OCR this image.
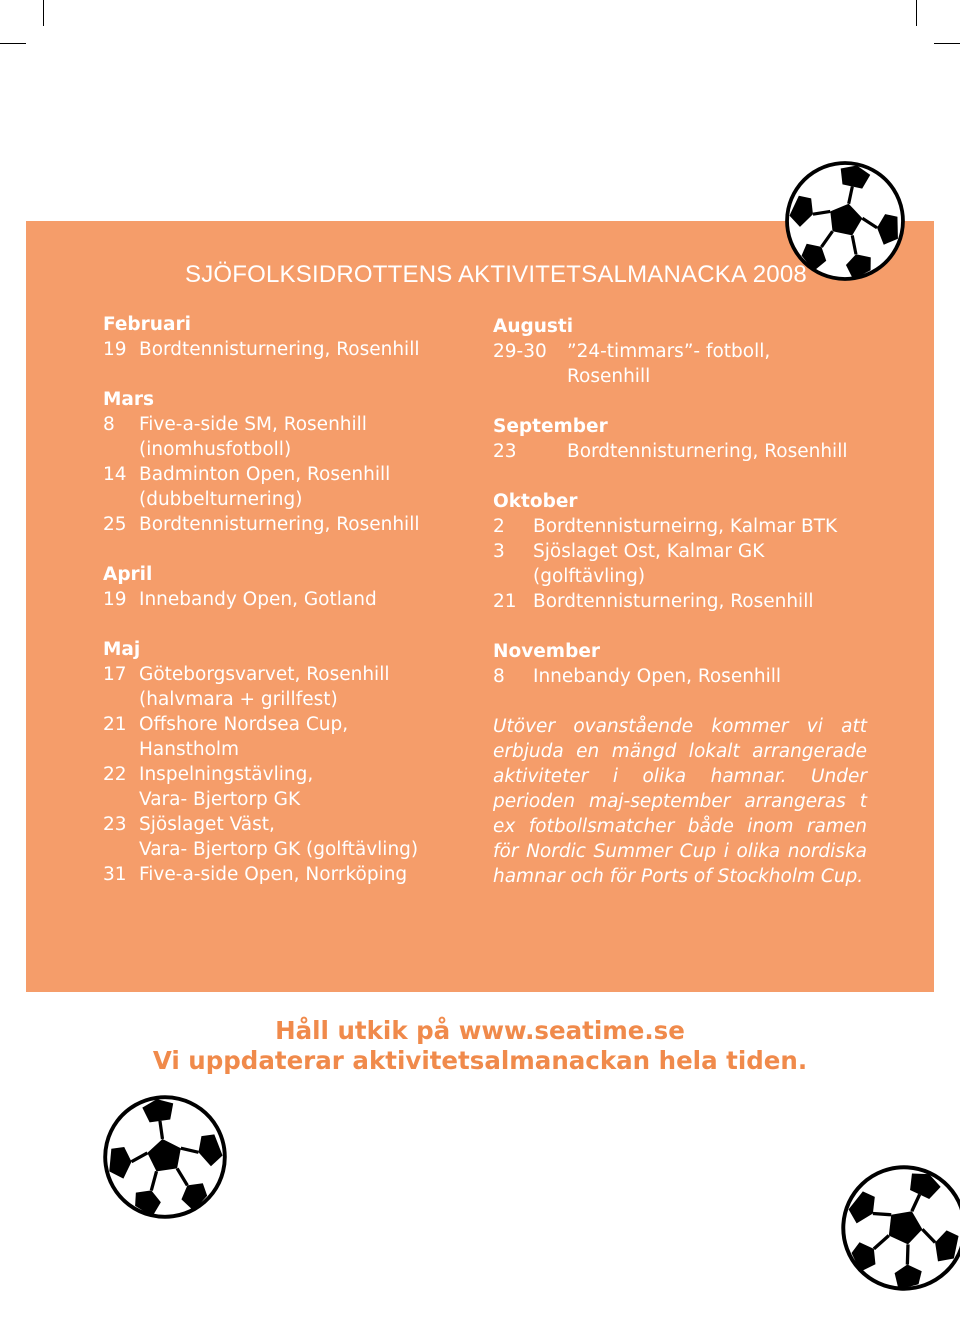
SJÖFOLKSIDROTTENS AKTIVITETSALMANACKA 2008
Februari
19 Bordtennisturnering, Rosenhill
Mars
8	Five-a-side SM, Rosenhill
(inomhusfotboll)
14 Badminton Open, Rosenhill
(dubbelturnering)
25 Bordtennisturnering, Rosenhill
April
19 Innebandy Open, Gotland
Maj
17 Göteborgsvarvet, Rosenhill
(halvmara + grillfest)
21 Offshore Nordsea Cup,
Hanstholm
22 Inspelningstävling,
Vara- Bjertorp GK
23 Sjöslaget Väst,
Vara- Bjertorp GK (golftävling)
31 Five-a-side Open, Norrköping
Augusti
29-30	”24-timmars”- fotboll,
Rosenhill
September
23	Bordtennisturnering, Rosenhill
Oktober
2	Bordtennisturneirng, Kalmar BTK
3	Sjöslaget Ost, Kalmar GK
(golftävling)
21 Bordtennisturnering, Rosenhill
November
8	Innebandy Open, Rosenhill
Utöver ovanstående kommer vi att erbjuda en mängd lokalt arrangerade aktiviteter i olika hamnar. Under perioden maj-september arrangeras t ex fotbollsmatcher både inom ramen för Nordic Summer Cup i olika nordiska hamnar och för Ports of Stockholm Cup.
Håll utkik på www.seatime.se
Vi uppdaterar aktivitetsalmanackan hela tiden.
